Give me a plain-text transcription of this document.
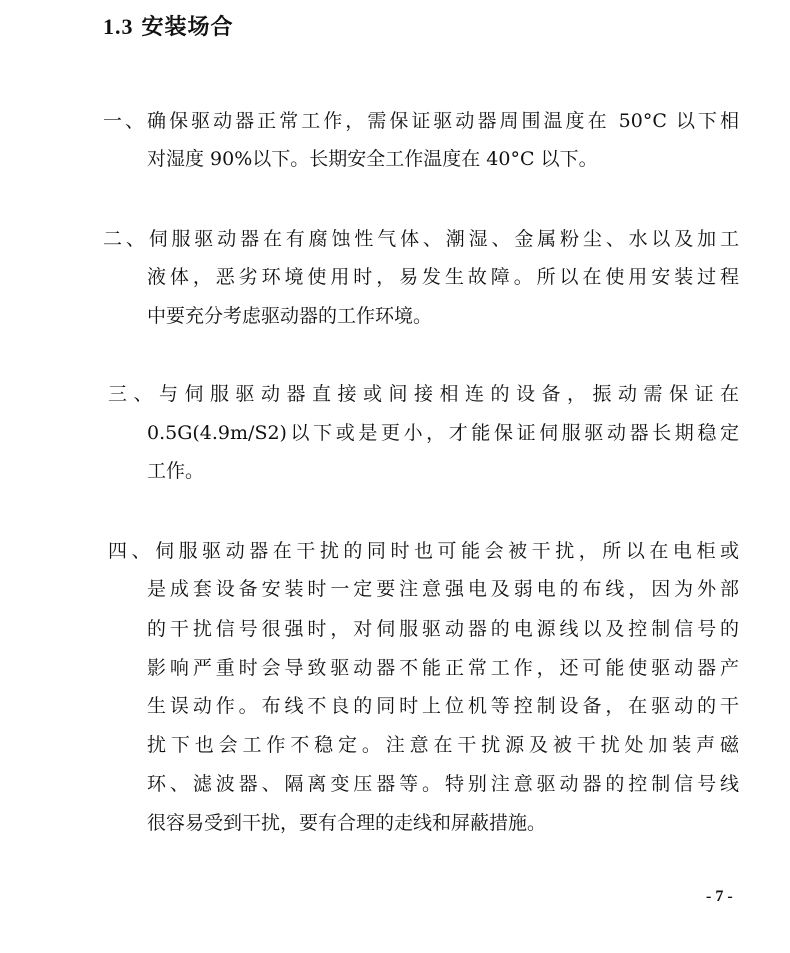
1.3 安装场合
一、确保驱动器正常工作，需保证驱动器周围温度在 50°C 以下相
对湿度 90%以下。长期安全工作温度在 40°C 以下。
二、伺服驱动器在有腐蚀性气体、潮湿、金属粉尘、水以及加工
液体，恶劣环境使用时，易发生故障。所以在使用安装过程
中要充分考虑驱动器的工作环境。
三、与伺服驱动器直接或间接相连的设备，振动需保证在
0.5G(4.9m/S2)以下或是更小，才能保证伺服驱动器长期稳定
工作。
四、伺服驱动器在干扰的同时也可能会被干扰，所以在电柜或
是成套设备安装时一定要注意强电及弱电的布线，因为外部
的干扰信号很强时，对伺服驱动器的电源线以及控制信号的
影响严重时会导致驱动器不能正常工作，还可能使驱动器产
生误动作。布线不良的同时上位机等控制设备，在驱动的干
扰下也会工作不稳定。注意在干扰源及被干扰处加装声磁
环、滤波器、隔离变压器等。特别注意驱动器的控制信号线
很容易受到干扰，要有合理的走线和屏蔽措施。
- 7 -
